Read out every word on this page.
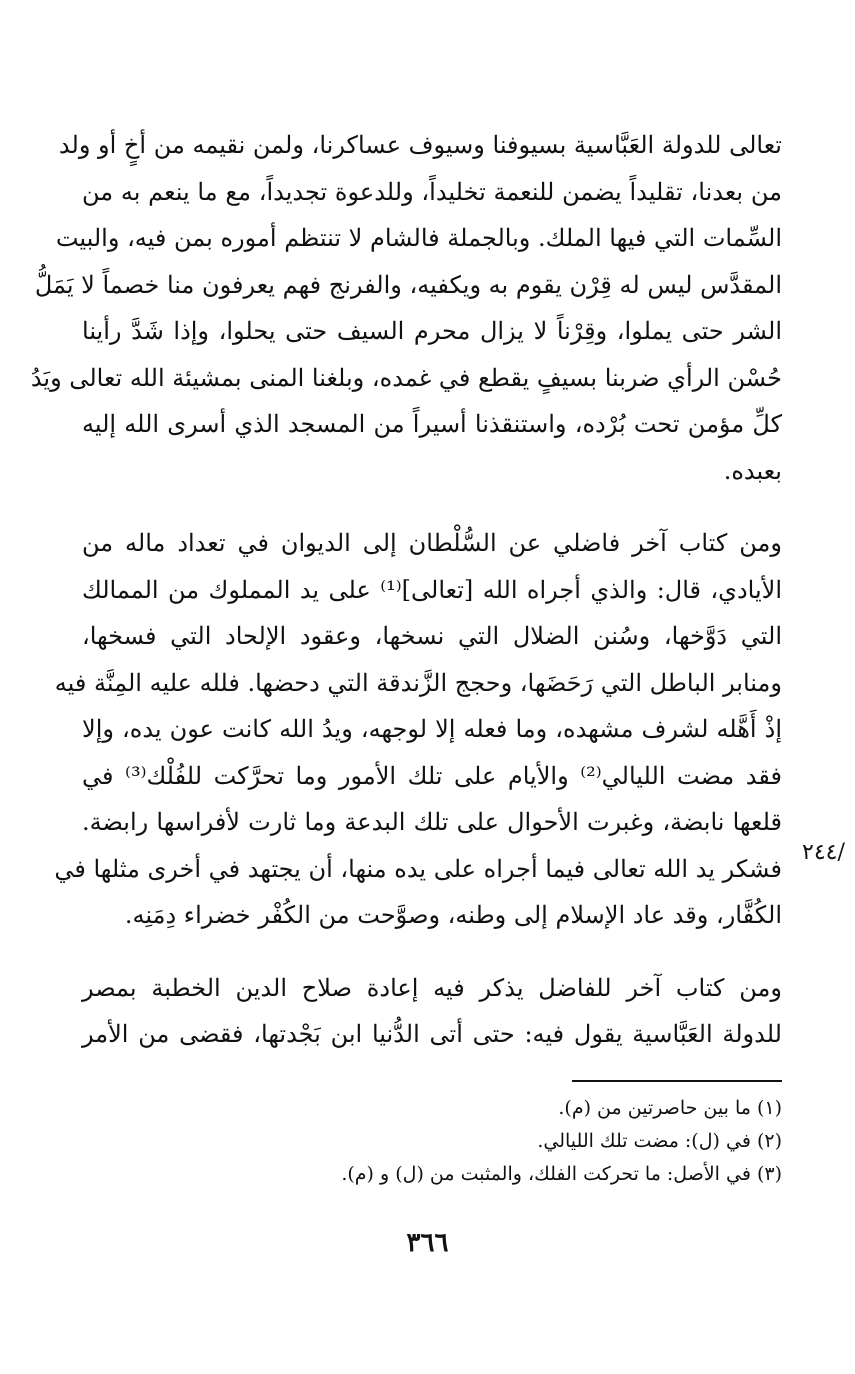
تعالى للدولة العَبَّاسية بسيوفنا وسيوف عساكرنا، ولمن نقيمه من أخٍ أو ولد
من بعدنا، تقليداً يضمن للنعمة تخليداً، وللدعوة تجديداً، مع ما ينعم به من
السِّمات التي فيها الملك. وبالجملة فالشام لا تنتظم أموره بمن فيه، والبيت
المقدَّس ليس له قِرْن يقوم به ويكفيه، والفرنج فهم يعرفون منا خصماً لا يَمَلُّ
الشر حتى يملوا، وقِرْناً لا يزال محرم السيف حتى يحلوا، وإذا شَدَّ رأينا
حُسْن الرأي ضربنا بسيفٍ يقطع في غمده، وبلغنا المنى بمشيئة الله تعالى ويَدُ
كلِّ مؤمن تحت بُرْده، واستنقذنا أسيراً من المسجد الذي أسرى الله إليه
بعبده.
ومن كتاب آخر فاضلي عن السُّلْطان إلى الديوان في تعداد ماله من
الأيادي، قال: والذي أجراه الله [تعالى]⁽¹⁾ على يد المملوك من الممالك
التي دَوَّخها، وسُنن الضلال التي نسخها، وعقود الإلحاد التي فسخها،
ومنابر الباطل التي رَحَضَها، وحجج الزَّندقة التي دحضها. فلله عليه المِنَّة فيه
إذْ أَهَّله لشرف مشهده، وما فعله إلا لوجهه، ويدُ الله كانت عون يده، وإلا
فقد مضت الليالي⁽²⁾ والأيام على تلك الأمور وما تحرَّكت للفُلْك⁽³⁾ في
قلعها نابضة، وغبرت الأحوال على تلك البدعة وما ثارت لأفراسها رابضة.
فشكر يد الله تعالى فيما أجراه على يده منها، أن يجتهد في أخرى مثلها في
الكُفَّار، وقد عاد الإسلام إلى وطنه، وصوَّحت من الكُفْر خضراء دِمَنِه.
ومن كتاب آخر للفاضل يذكر فيه إعادة صلاح الدين الخطبة بمصر
للدولة العَبَّاسية يقول فيه: حتى أتى الدُّنيا ابن بَجْدتها، فقضى من الأمر
/٢٤٤
(١) ما بين حاصرتين من (م).
(٢) في (ل): مضت تلك الليالي.
(٣) في الأصل: ما تحركت الفلك، والمثبت من (ل) و (م).
٣٦٦
